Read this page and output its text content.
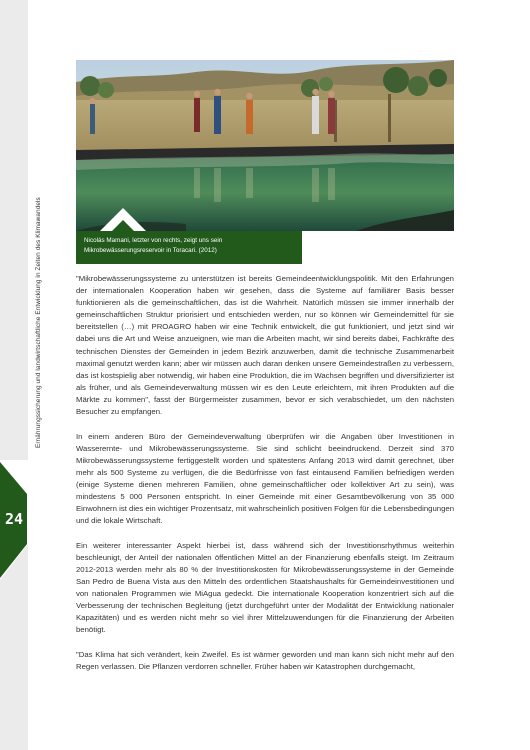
Ernährungssicherung und landwirtschaftliche Entwicklung in Zeiten des Klimawandels
24
Nicolás Mamani, letzter von rechts, zeigt uns sein
Mikrobewässerungsreservoir in Toracari. (2012)

"Mikrobewässerungssysteme zu unterstützen ist bereits Gemeindeentwicklungspolitik. Mit den Erfahrungen der internationalen Kooperation haben wir gesehen, dass die Systeme auf familiärer Basis besser funktionieren als die gemeinschaftlichen, das ist die Wahrheit. Natürlich müssen sie immer innerhalb der gemeinschaftlichen Struktur priorisiert und entschieden werden, nur so können wir Gemeindemittel für sie bereitstellen (…) mit PROAGRO haben wir eine Technik entwickelt, die gut funktioniert, und jetzt sind wir dabei uns die Art und Weise anzueignen, wie man die Arbeiten macht, wir sind bereits dabei, Fachkräfte des technischen Dienstes der Gemeinden in jedem Bezirk anzuwerben, damit die technische Zusammenarbeit maximal genutzt werden kann; aber wir müssen auch daran denken unsere Gemeindestraßen zu verbessern, das ist kostspielig aber notwendig, wir haben eine Produktion, die im Wachsen begriffen und diversifizierter ist als früher, und als Gemeindeverwaltung müssen wir es den Leute erleichtern, mit ihren Produkten auf die Märkte zu kommen", fasst der Bürgermeister zusammen, bevor er sich verabschiedet, um den nächsten Besucher zu empfangen.

In einem anderen Büro der Gemeindeverwaltung überprüfen wir die Angaben über Investitionen in Wasserernte- und Mikrobewässerungssysteme. Sie sind schlicht beeindruckend. Derzeit sind 370 Mikrobewässerungssysteme fertiggestellt worden und spätestens Anfang 2013 wird damit gerechnet, über mehr als 500 Systeme zu verfügen, die die Bedürfnisse von fast eintausend Familien befriedigen werden (einige Systeme dienen mehreren Familien, ohne gemeinschaftlicher oder kollektiver Art zu sein), was mindestens 5 000 Personen entspricht. In einer Gemeinde mit einer Gesamtbevölkerung von 35 000 Einwohnern ist dies ein wichtiger Prozentsatz, mit wahrscheinlich positiven Folgen für die Lebensbedingungen und die lokale Wirtschaft.

Ein weiterer interessanter Aspekt hierbei ist, dass während sich der Investitionsrhythmus weiterhin beschleunigt, der Anteil der nationalen öffentlichen Mittel an der Finanzierung ebenfalls steigt. Im Zeitraum 2012-2013 werden mehr als 80 % der Investitionskosten für Mikrobewässerungssysteme in der Gemeinde San Pedro de Buena Vista aus den Mitteln des ordentlichen Staatshaushalts für Gemeindeinvestitionen und von nationalen Programmen wie MiAgua gedeckt. Die internationale Kooperation konzentriert sich auf die Verbesserung der technischen Begleitung (jetzt durchgeführt unter der Modalität der Entwicklung nationaler Kapazitäten) und es werden nicht mehr so viel ihrer Mittelzuwendungen für die Finanzierung der Arbeiten benötigt.

"Das Klima hat sich verändert, kein Zweifel. Es ist wärmer geworden und man kann sich nicht mehr auf den Regen verlassen. Die Pflanzen verdorren schneller. Früher haben wir Katastrophen durchgemacht,
